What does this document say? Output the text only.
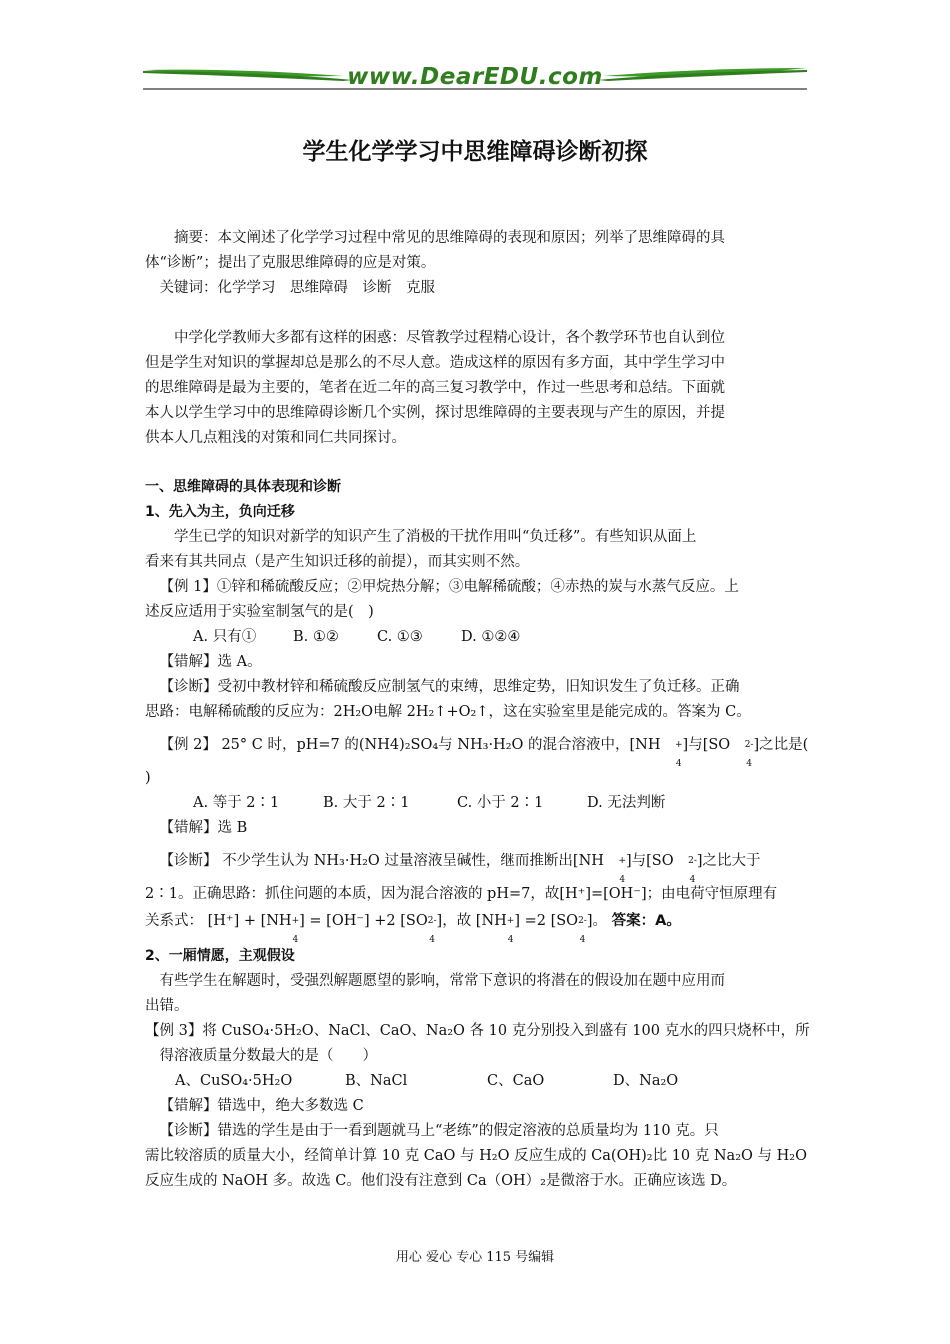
www.DearEDU.com
学生化学学习中思维障碍诊断初探

摘要：本文阐述了化学学习过程中常见的思维障碍的表现和原因；列举了思维障碍的具

体“诊断”；提出了克服思维障碍的应是对策。

关键词：化学学习　思维障碍　诊断　克服

中学化学教师大多都有这样的困惑：尽管教学过程精心设计，各个教学环节也自认到位

但是学生对知识的掌握却总是那么的不尽人意。造成这样的原因有多方面，其中学生学习中

的思维障碍是最为主要的，笔者在近二年的高三复习教学中，作过一些思考和总结。下面就

本人以学生学习中的思维障碍诊断几个实例，探讨思维障碍的主要表现与产生的原因，并提

供本人几点粗浅的对策和同仁共同探讨。

一、思维障碍的具体表现和诊断

1、先入为主，负向迁移

学生已学的知识对新学的知识产生了消极的干扰作用叫“负迁移”。有些知识从面上

看来有其共同点（是产生知识迁移的前提），而其实则不然。

【例 1】①锌和稀硫酸反应；②甲烷热分解；③电解稀硫酸；④赤热的炭与水蒸气反应。上

述反应适用于实验室制氢气的是(　)

A. 只有①	B. ①②	C. ①③	D. ①②④

【错解】选 A。

【诊断】受初中教材锌和稀硫酸反应制氢气的束缚，思维定势，旧知识发生了负迁移。正确

思路：电解稀硫酸的反应为：2H₂O电解 2H₂↑+O₂↑，这在实验室里是能完成的。答案为 C。

【例 2】 25° C 时，pH=7 的(NH4)₂SO₄与 NH₃·H₂O 的混合溶液中，[NH +
4
]与[SO $^{2-}$
4
]之比是(

)

A. 等于 2∶1	B. 大于 2∶1	C. 小于 2∶1	D. 无法判断

【错解】选 B

【诊断】 不少学生认为 NH₃·H₂O 过量溶液呈碱性，继而推断出[NH +
4
]与[SO $^{2-}$
4
]之比大于

2∶1。正确思路：抓住问题的本质，因为混合溶液的 pH=7，故[H⁺]=[OH⁻]；由电荷守恒原理有

关系式： [H⁺] + [NH+
4
] = [OH⁻] +2 [$SO^{2-}$
4
]，故 [NH+
4
] =2 [$SO^{2-}$
4
]。 答案：A。

2、一厢情愿，主观假设

有些学生在解题时，受强烈解题愿望的影响，常常下意识的将潜在的假设加在题中应用而

出错。

【例 3】将 CuSO₄·5H₂O、NaCl、CaO、Na₂O 各 10 克分别投入到盛有 100 克水的四只烧杯中，所

得溶液质量分数最大的是（　　）

A、CuSO₄·5H₂O	B、NaCl	C、CaO	D、Na₂O

【错解】错选中，绝大多数选 C

【诊断】错选的学生是由于一看到题就马上“老练”的假定溶液的总质量均为 110 克。只

需比较溶质的质量大小，经简单计算 10 克 CaO 与 H₂O 反应生成的 Ca(OH)₂比 10 克 Na₂O 与 H₂O

反应生成的 NaOH 多。故选 C。他们没有注意到 Ca（OH）₂是微溶于水。正确应该选 D。

用心 爱心 专心 115 号编辑
